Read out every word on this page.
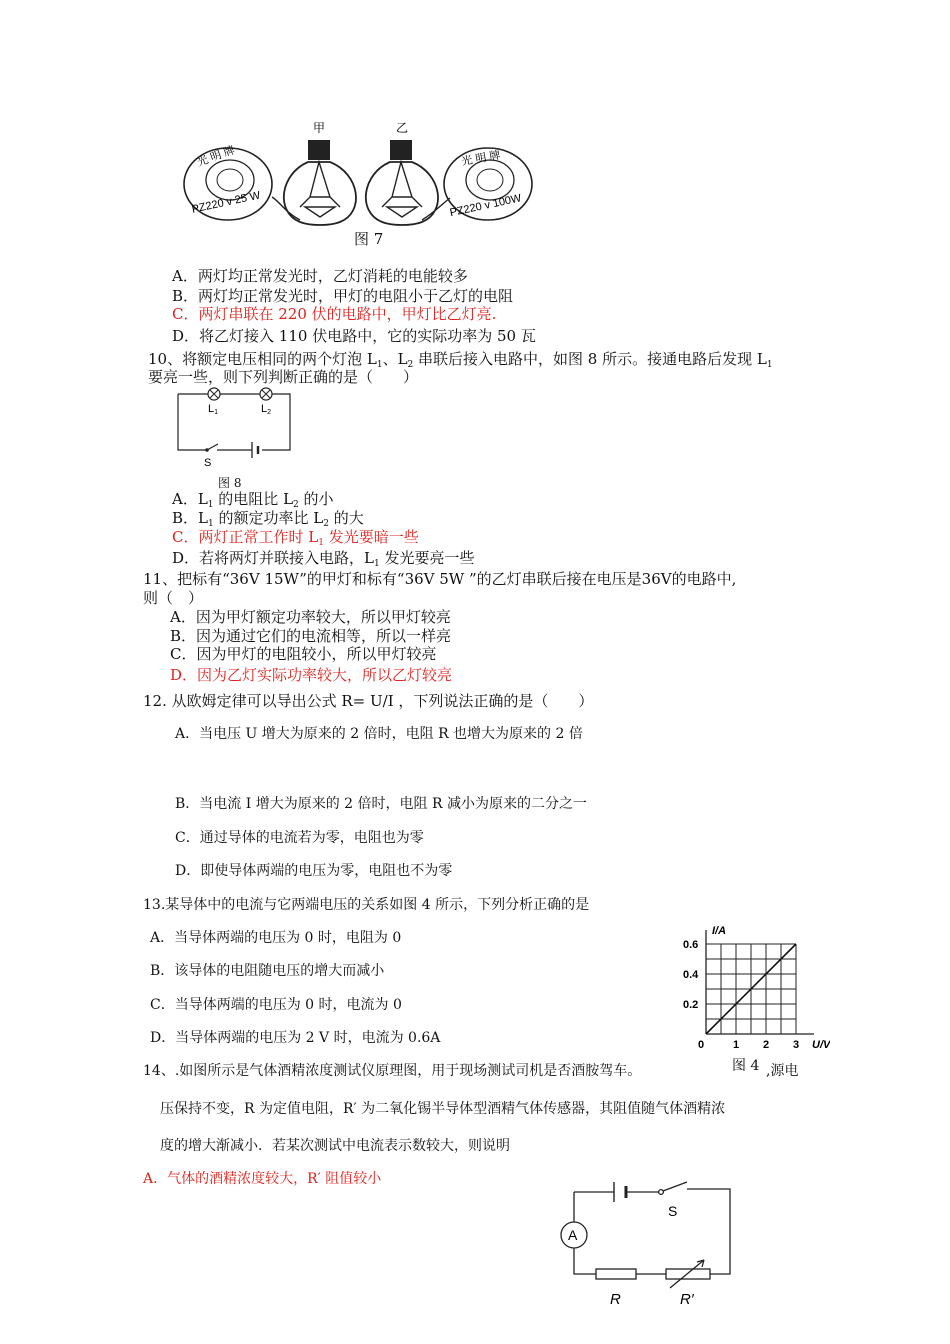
光 明 牌
PZ220 v 25 W
甲	乙
光 明 牌
PZ220 v 100W
图 7
A．两灯均正常发光时，乙灯消耗的电能较多
B．两灯均正常发光时，甲灯的电阻小于乙灯的电阻
C．两灯串联在 220 伏的电路中，甲灯比乙灯亮.
D．将乙灯接入 110 伏电路中，它的实际功率为 50 瓦
10、将额定电压相同的两个灯泡 $L_1$、$L_2$ 串联后接入电路中，如图 8 所示。接通电路后发现 $L_1$
要亮一些，则下列判断正确的是（　　）
L1	L2
S
图 8
A．$L_1$ 的电阻比 $L_2$ 的小
B．$L_1$ 的额定功率比 $L_2$ 的大
C．两灯正常工作时 $L_1$ 发光要暗一些
D．若将两灯并联接入电路，$L_1$ 发光要亮一些
11、把标有“36V 15W”的甲灯和标有“36V 5W ”的乙灯串联后接在电压是36V的电路中,
则（　）
A．因为甲灯额定功率较大，所以甲灯较亮
B．因为通过它们的电流相等，所以一样亮
C．因为甲灯的电阻较小，所以甲灯较亮
D．因为乙灯实际功率较大，所以乙灯较亮
12. 从欧姆定律可以导出公式 R= U/I ，下列说法正确的是（　　）
A．当电压 U 增大为原来的 2 倍时，电阻 R 也增大为原来的 2 倍
B．当电流 I 增大为原来的 2 倍时，电阻 R 减小为原来的二分之一
C．通过导体的电流若为零，电阻也为零
D．即使导体两端的电压为零，电阻也不为零
13.某导体中的电流与它两端电压的关系如图 4 所示，下列分析正确的是
A．当导体两端的电压为 0 时，电阻为 0
B．该导体的电阻随电压的增大而减小
C．当导体两端的电压为 0 时，电流为 0
D．当导体两端的电压为 2 V 时，电流为 0.6A	U/V
I/A
0	1 2 3
0.2
0.4
0.6
图 4
14、.如图所示是气体酒精浓度测试仪原理图，用于现场测试司机是否酒胺驾车。	,源电
压保持不变，R 为定值电阻，R′ 为二氧化锡半导体型酒精气体传感器，其阻值随气体酒精浓
度的增大渐减小．若某次测试中电流表示数较大，则说明
A．气体的酒精浓度较大，R′ 阻值较小
A
S
R	R′
